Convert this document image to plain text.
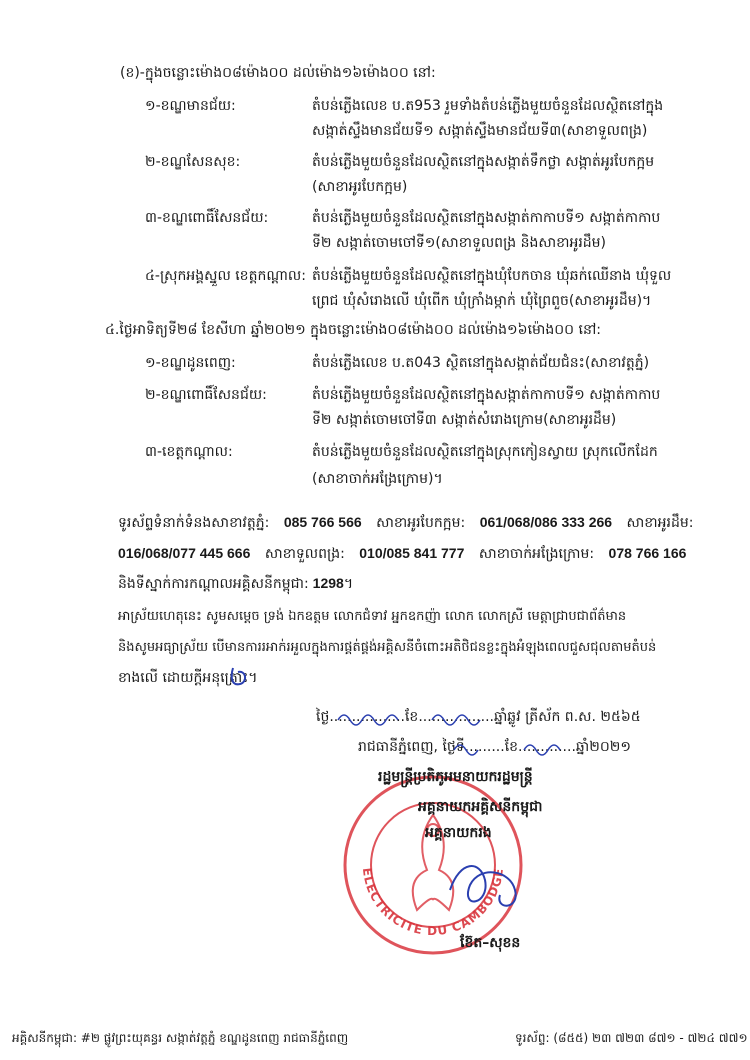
(ខ)-ក្នុងចន្លោះម៉ោង០៨ម៉ោង០០ ដល់ម៉ោង១៦ម៉ោង០០ នៅ:
១-ខណ្ឌមានជ័យ:	តំបន់ភ្លើងលេខ ប.ត953 រួមទាំងតំបន់ភ្លើងមួយចំនួនដែលស្ថិតនៅក្នុង
សង្កាត់ស្ទឹងមានជ័យទី១ សង្កាត់ស្ទឹងមានជ័យទី៣(សាខាទួលពង្រ)
២-ខណ្ឌសែនសុខ:	តំបន់ភ្លើងមួយចំនួនដែលស្ថិតនៅក្នុងសង្កាត់ទឹកថ្លា សង្កាត់អូរបែកក្អម
(សាខាអូរបែកក្អម)
៣-ខណ្ឌពោធិ៍សែនជ័យ:	តំបន់ភ្លើងមួយចំនួនដែលស្ថិតនៅក្នុងសង្កាត់កាកាបទី១ សង្កាត់កាកាប
ទី២ សង្កាត់ចោមចៅទី១(សាខាទួលពង្រ និងសាខាអូរដឹម)
៤-ស្រុកអង្គស្នួល ខេត្តកណ្តាល: តំបន់ភ្លើងមួយចំនួនដែលស្ថិតនៅក្នុងឃុំបែកចាន ឃុំឆក់ឈើនាង ឃុំទួល
ព្រេជ ឃុំសំរោងលើ ឃុំពើក ឃុំក្រាំងម្កាក់ ឃុំព្រៃពួច(សាខាអូរដឹម)។
៤.ថ្ងៃអាទិត្យទី២៨ ខែសីហា ឆ្នាំ២០២១ ក្នុងចន្លោះម៉ោង០៨ម៉ោង០០ ដល់ម៉ោង១៦ម៉ោង០០ នៅ:
១-ខណ្ឌដូនពេញ:	តំបន់ភ្លើងលេខ ប.ត043 ស្ថិតនៅក្នុងសង្កាត់ជ័យជំនះ(សាខាវត្តភ្នំ)
២-ខណ្ឌពោធិ៍សែនជ័យ:	តំបន់ភ្លើងមួយចំនួនដែលស្ថិតនៅក្នុងសង្កាត់កាកាបទី១ សង្កាត់កាកាប
ទី២ សង្កាត់ចោមចៅទី៣ សង្កាត់សំរោងក្រោម(សាខាអូរដឹម)
៣-ខេត្តកណ្តាល:	តំបន់ភ្លើងមួយចំនួនដែលស្ថិតនៅក្នុងស្រុកកៀនស្វាយ ស្រុកលើកដែក
(សាខាចាក់អង្រែក្រោម)។
ទូរស័ព្ទទំនាក់ទំនងសាខាវត្តភ្នំ: 085 766 566 សាខាអូរបែកក្អម: 061/068/086 333 266 សាខាអូរដឹម:
016/068/077 445 666 សាខាទួលពង្រ: 010/085 841 777 សាខាចាក់អង្រែក្រោម: 078 766 166
និងទីស្នាក់ការកណ្តាលអគ្គិសនីកម្ពុជា: 1298។
អាស្រ័យហេតុនេះ សូមសម្តេច ទ្រង់ ឯកឧត្តម លោកជំទាវ អ្នកឧកញ៉ា លោក លោកស្រី មេត្តាជ្រាបជាព័ត៌មាន
និងសូមអធ្យាស្រ័យ បើមានការរអាក់រអួលក្នុងការផ្គត់ផ្គង់អគ្គិសនីចំពោះអតិថិជនខ្លះក្នុងអំឡុងពេលជួសជុលតាមតំបន់
ខាងលើ ដោយក្តីអនុគ្រោះ។
ថ្ងៃ.................ខែ.................ឆ្នាំឆ្លូវ ត្រីស័ក ព.ស. ២៥៦៥
រាជធានីភ្នំពេញ, ថ្ងៃទី.........ខែ.............ឆ្នាំ២០២១
ELECTRICITE DU CAMBODGE
រដ្ឋមន្ត្រីប្រតិភូអមនាយករដ្ឋមន្ត្រី
អគ្គនាយកអគ្គិសនីកម្ពុជា
អគ្គនាយករង
ខ៊ែត–សុខន
អគ្គិសនីកម្ពុជា: #២ ផ្លូវព្រះយុគន្ធរ សង្កាត់វត្តភ្នំ ខណ្ឌដូនពេញ រាជធានីភ្នំពេញ	ទូរស័ព្ទ: (៨៥៥) ២៣ ៧២៣ ៨៧១ - ៧២៤ ៧៧១
